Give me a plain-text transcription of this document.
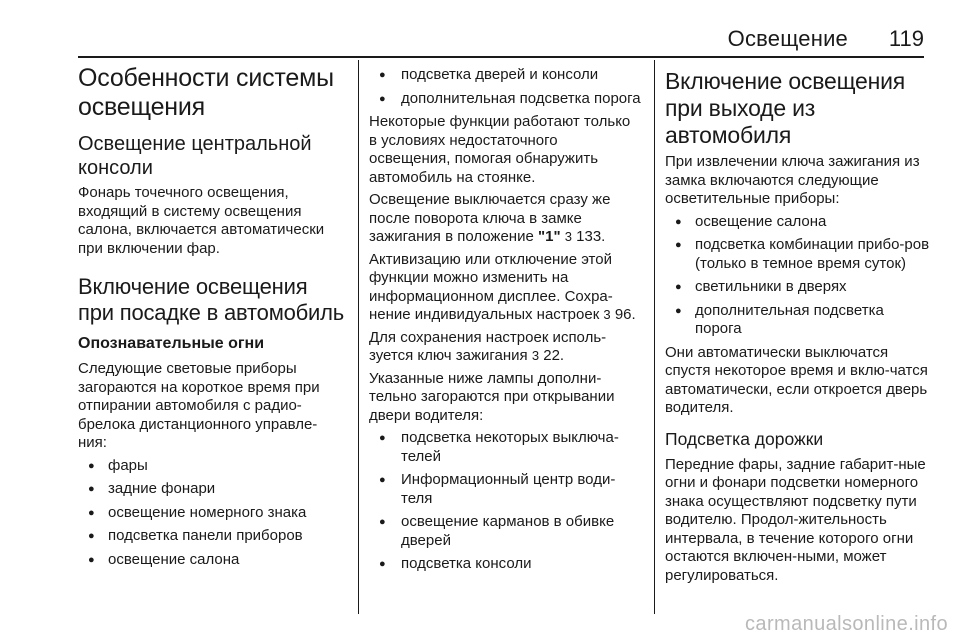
Освещение 119
Особенности системы освещения
Освещение центральной консоли

Фонарь точечного освещения, входящий в систему освещения салона, включается автоматически при включении фар.

Включение освещения при посадке в автомобиль
Опознавательные огни

Следующие световые приборы загораются на короткое время при отпирании автомобиля с радио-брелока дистанционного управле-ния:

● фары
● задние фонари
● освещение номерного знака
● подсветка панели приборов
● освещение салона
● подсветка дверей и консоли
● дополнительная подсветка порога

Некоторые функции работают только в условиях недостаточного освещения, помогая обнаружить автомобиль на стоянке.

Освещение выключается сразу же после поворота ключа в замке зажигания в положение "1" 3 133.

Активизацию или отключение этой функции можно изменить на информационном дисплее. Сохра-нение индивидуальных настроек 3 96.

Для сохранения настроек исполь-зуется ключ зажигания 3 22.

Указанные ниже лампы дополни-тельно загораются при открывании двери водителя:

● подсветка некоторых выключа-телей
● Информационный центр води-теля
● освещение карманов в обивке дверей
● подсветка консоли
Включение освещения при выходе из автомобиля

При извлечении ключа зажигания из замка включаются следующие осветительные приборы:

● освещение салона
● подсветка комбинации прибо-ров (только в темное время суток)
● светильники в дверях
● дополнительная подсветка порога

Они автоматически выключатся спустя некоторое время и вклю-чатся автоматически, если откроется дверь водителя.

Подсветка дорожки

Передние фары, задние габарит-ные огни и фонари подсветки номерного знака осуществляют подсветку пути водителю. Продол-жительность интервала, в течение которого огни остаются включен-ными, может регулироваться.

carmanualsonline.info
